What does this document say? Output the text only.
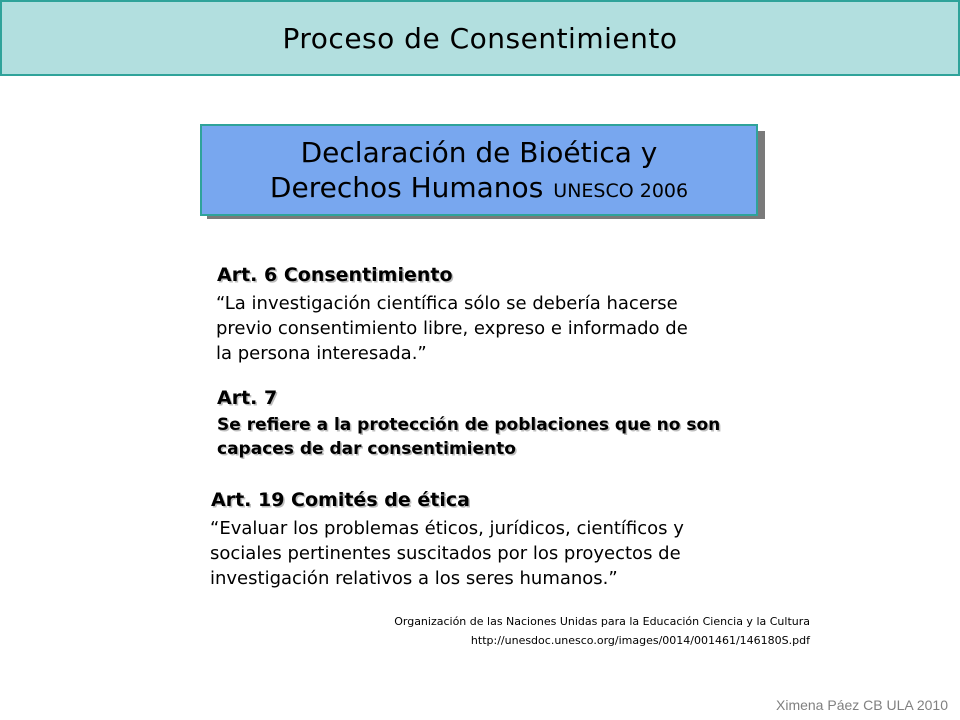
Proceso de Consentimiento
Declaración de Bioética y
Derechos Humanos UNESCO 2006
Art. 6 Consentimiento
“La investigación científica sólo se debería hacerse
previo consentimiento libre, expreso e informado de
la persona interesada.”
Art. 7
Se refiere a la protección de poblaciones que no son
capaces de dar consentimiento
Art. 19 Comités de ética
“Evaluar los problemas éticos, jurídicos, científicos y
sociales pertinentes suscitados por los proyectos de
investigación relativos a los seres humanos.”
Organización de las Naciones Unidas para la Educación Ciencia y la Cultura
http://unesdoc.unesco.org/images/0014/001461/146180S.pdf
Ximena Páez CB ULA 2010
